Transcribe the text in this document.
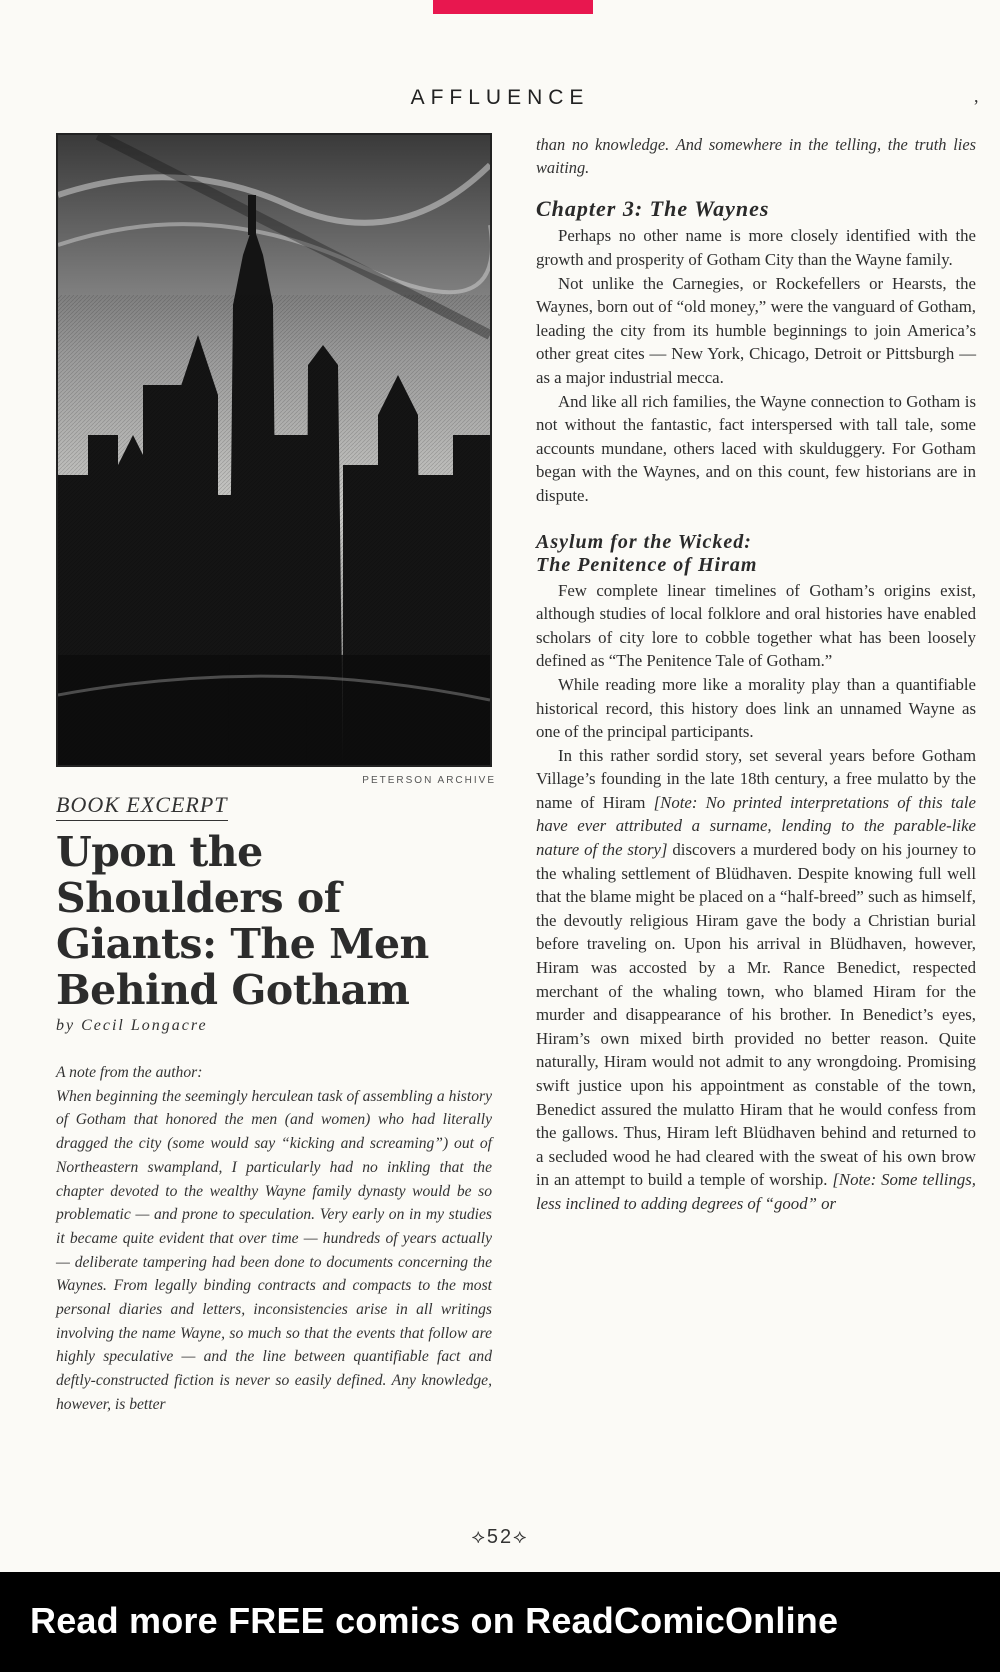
AFFLUENCE	,
PETERSON ARCHIVE
BOOK EXCERPT
Upon the
Shoulders of
Giants: The Men
Behind Gotham
by Cecil Longacre

A note from the author:

When beginning the seemingly herculean task of assembling a history of Gotham that honored the men (and women) who had literally dragged the city (some would say “kicking and screaming”) out of Northeastern swampland, I particularly had no inkling that the chapter devoted to the wealthy Wayne family dynasty would be so problematic — and prone to speculation. Very early on in my studies it became quite evident that over time — hundreds of years actually — deliberate tampering had been done to documents concerning the Waynes. From legally binding contracts and compacts to the most personal diaries and letters, inconsistencies arise in all writings involving the name Wayne, so much so that the events that follow are highly speculative — and the line between quantifiable fact and deftly-constructed fiction is never so easily defined. Any knowledge, however, is better

than no knowledge. And somewhere in the telling, the truth lies waiting.

Chapter 3: The Waynes

Perhaps no other name is more closely identified with the growth and prosperity of Gotham City than the Wayne family.

Not unlike the Carnegies, or Rockefellers or Hearsts, the Waynes, born out of “old money,” were the vanguard of Gotham, leading the city from its humble beginnings to join America’s other great cites — New York, Chicago, Detroit or Pittsburgh — as a major industrial mecca.

And like all rich families, the Wayne connection to Gotham is not without the fantastic, fact interspersed with tall tale, some accounts mundane, others laced with skulduggery. For Gotham began with the Waynes, and on this count, few historians are in dispute.

Asylum for the Wicked:
The Penitence of Hiram

Few complete linear timelines of Gotham’s origins exist, although studies of local folklore and oral histories have enabled scholars of city lore to cobble together what has been loosely defined as “The Penitence Tale of Gotham.”

While reading more like a morality play than a quantifiable historical record, this history does link an unnamed Wayne as one of the principal participants.

In this rather sordid story, set several years before Gotham Village’s founding in the late 18th century, a free mulatto by the name of Hiram [Note: No printed interpretations of this tale have ever attributed a surname, lending to the parable-like nature of the story] discovers a murdered body on his journey to the whaling settlement of Blüdhaven. Despite knowing full well that the blame might be placed on a “half-breed” such as himself, the devoutly religious Hiram gave the body a Christian burial before traveling on. Upon his arrival in Blüdhaven, however, Hiram was accosted by a Mr. Rance Benedict, respected merchant of the whaling town, who blamed Hiram for the murder and disappearance of his brother. In Benedict’s eyes, Hiram’s own mixed birth provided no better reason. Quite naturally, Hiram would not admit to any wrongdoing. Promising swift justice upon his appointment as constable of the town, Benedict assured the mulatto Hiram that he would confess from the gallows. Thus, Hiram left Blüdhaven behind and returned to a secluded wood he had cleared with the sweat of his own brow in an attempt to build a temple of worship. [Note: Some tellings, less inclined to adding degrees of “good” or

⟡52⟡
Read more FREE comics on ReadComicOnline
